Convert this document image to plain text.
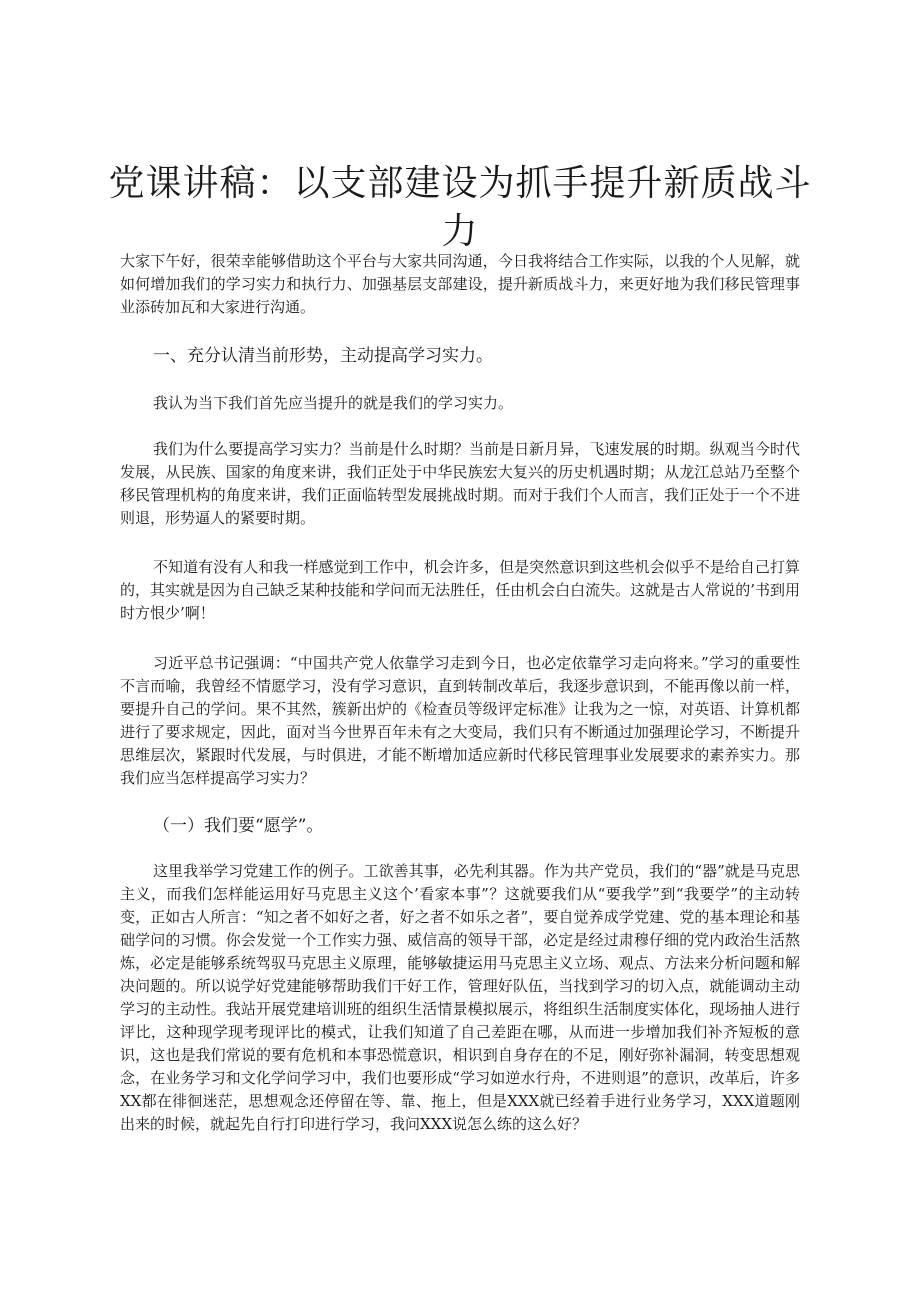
党课讲稿：以支部建设为抓手提升新质战斗
力

大家下午好，很荣幸能够借助这个平台与大家共同沟通，今日我将结合工作实际，以我的个人见解，就如何增加我们的学习实力和执行力、加强基层支部建设，提升新质战斗力，来更好地为我们移民管理事业添砖加瓦和大家进行沟通。

一、充分认清当前形势，主动提高学习实力。

我认为当下我们首先应当提升的就是我们的学习实力。

我们为什么要提高学习实力？当前是什么时期？当前是日新月异，飞速发展的时期。纵观当今时代发展，从民族、国家的角度来讲，我们正处于中华民族宏大复兴的历史机遇时期；从龙江总站乃至整个移民管理机构的角度来讲，我们正面临转型发展挑战时期。而对于我们个人而言，我们正处于一个不进则退，形势逼人的紧要时期。

不知道有没有人和我一样感觉到工作中，机会许多，但是突然意识到这些机会似乎不是给自己打算的，其实就是因为自己缺乏某种技能和学问而无法胜任，任由机会白白流失。这就是古人常说的’书到用时方恨少’啊！

习近平总书记强调：“中国共产党人依靠学习走到今日，也必定依靠学习走向将来。”学习的重要性不言而喻，我曾经不情愿学习，没有学习意识，直到转制改革后，我逐步意识到，不能再像以前一样，要提升自己的学问。果不其然，簇新出炉的《检查员等级评定标准》让我为之一惊，对英语、计算机都进行了要求规定，因此，面对当今世界百年未有之大变局，我们只有不断通过加强理论学习，不断提升思维层次，紧跟时代发展，与时俱进，才能不断增加适应新时代移民管理事业发展要求的素养实力。那我们应当怎样提高学习实力？

（一）我们要“愿学”。

这里我举学习党建工作的例子。工欲善其事，必先利其器。作为共产党员，我们的“器”就是马克思主义，而我们怎样能运用好马克思主义这个’看家本事”？这就要我们从“要我学”到“我要学”的主动转变，正如古人所言：“知之者不如好之者，好之者不如乐之者”，要自觉养成学党建、党的基本理论和基础学问的习惯。你会发觉一个工作实力强、威信高的领导干部，必定是经过肃穆仔细的党内政治生活熬炼，必定是能够系统驾驭马克思主义原理，能够敏捷运用马克思主义立场、观点、方法来分析问题和解决问题的。所以说学好党建能够帮助我们干好工作，管理好队伍，当找到学习的切入点，就能调动主动学习的主动性。我站开展党建培训班的组织生活情景模拟展示，将组织生活制度实体化，现场抽人进行评比，这种现学现考现评比的模式，让我们知道了自己差距在哪，从而进一步增加我们补齐短板的意识，这也是我们常说的要有危机和本事恐慌意识，相识到自身存在的不足，刚好弥补漏洞，转变思想观念，在业务学习和文化学问学习中，我们也要形成“学习如逆水行舟，不进则退”的意识，改革后，许多XX都在徘徊迷茫，思想观念还停留在等、靠、拖上，但是XXX就已经着手进行业务学习，XXX道题刚出来的时候，就起先自行打印进行学习，我问XXX说怎么练的这么好？
